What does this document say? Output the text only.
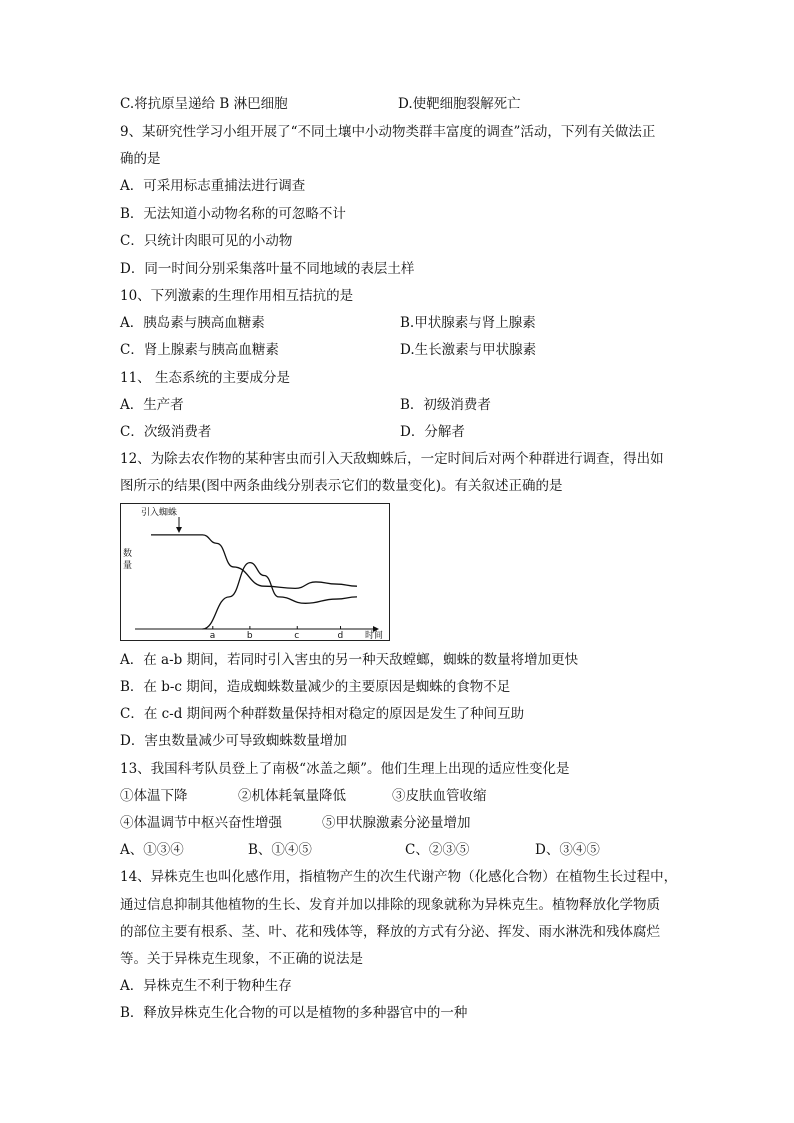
C.将抗原呈递给 B 淋巴细胞	D.使靶细胞裂解死亡
9、某研究性学习小组开展了“不同土壤中小动物类群丰富度的调查”活动，下列有关做法正
确的是
A．可采用标志重捕法进行调查
B．无法知道小动物名称的可忽略不计
C．只统计肉眼可见的小动物
D．同一时间分别采集落叶量不同地域的表层土样
10、下列激素的生理作用相互拮抗的是
A．胰岛素与胰高血糖素	B.甲状腺素与肾上腺素
C．肾上腺素与胰高血糖素	D.生长激素与甲状腺素
11、 生态系统的主要成分是
A．生产者	B．初级消费者
C．次级消费者	D．分解者
12、为除去农作物的某种害虫而引入天敌蜘蛛后，一定时间后对两个种群进行调查，得出如
图所示的结果(图中两条曲线分别表示它们的数量变化)。有关叙述正确的是
时间
数
量
引入蜘蛛
a	b	c	d
A．在 a-b 期间，若同时引入害虫的另一种天敌螳螂，蜘蛛的数量将增加更快
B．在 b-c 期间，造成蜘蛛数量减少的主要原因是蜘蛛的食物不足
C．在 c-d 期间两个种群数量保持相对稳定的原因是发生了种间互助
D．害虫数量减少可导致蜘蛛数量增加
13、我国科考队员登上了南极“冰盖之颠”。他们生理上出现的适应性变化是
①体温下降	②机体耗氧量降低	③皮肤血管收缩
④体温调节中枢兴奋性增强	⑤甲状腺激素分泌量增加
A、①③④	B、①④⑤	C、②③⑤	D、③④⑤
14、异株克生也叫化感作用，指植物产生的次生代谢产物（化感化合物）在植物生长过程中，
通过信息抑制其他植物的生长、发育并加以排除的现象就称为异株克生。植物释放化学物质
的部位主要有根系、茎、叶、花和残体等，释放的方式有分泌、挥发、雨水淋洗和残体腐烂
等。关于异株克生现象，不正确的说法是
A．异株克生不利于物种生存
B．释放异株克生化合物的可以是植物的多种器官中的一种
